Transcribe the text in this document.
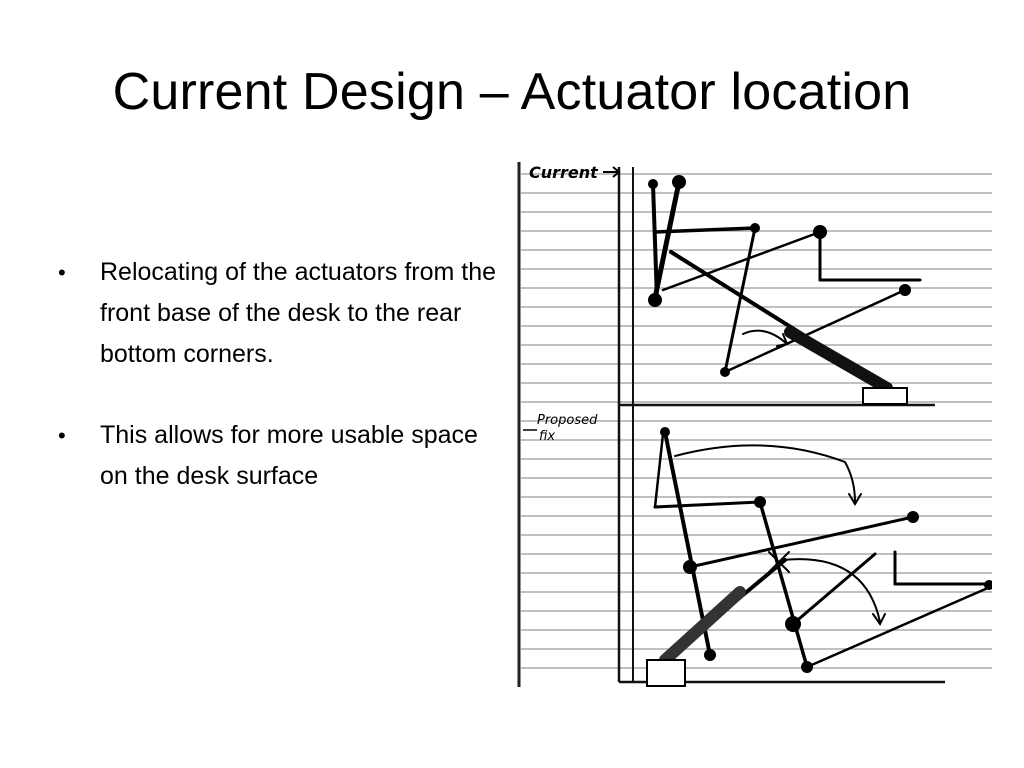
Current Design – Actuator location
• Relocating of the actuators from the front base of the desk to the rear bottom corners.
• This allows for more usable space on the desk surface
Current
Proposed
fix
